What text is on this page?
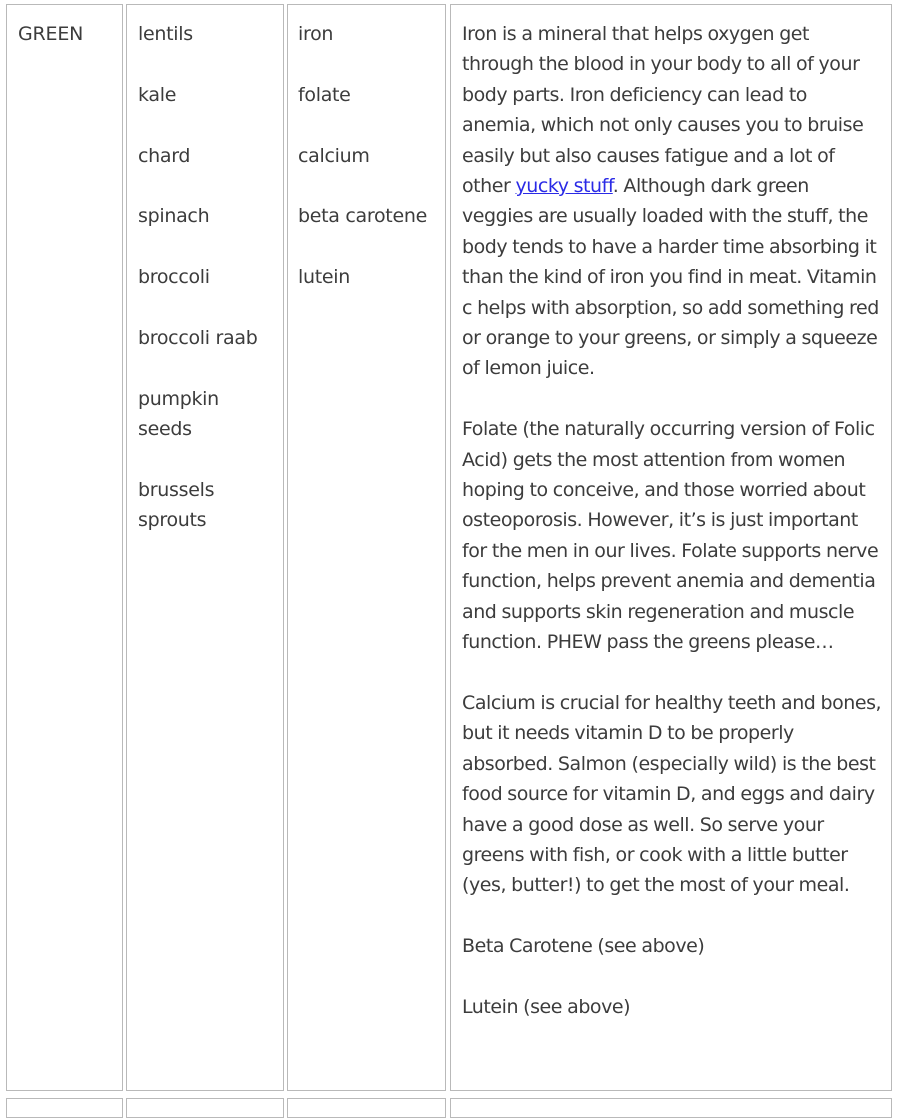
GREEN	lentils
kale
chard
spinach
broccoli
broccoli raab
pumpkin seeds
brussels sprouts
iron
folate
calcium
beta carotene
lutein

Iron is a mineral that helps oxygen get through the blood in your body to all of your body parts. Iron deficiency can lead to anemia, which not only causes you to bruise easily but also causes fatigue and a lot of other yucky stuff. Although dark green veggies are usually loaded with the stuff, the body tends to have a harder time absorbing it than the kind of iron you find in meat. Vitamin c helps with absorption, so add something red or orange to your greens, or simply a squeeze of lemon juice.

Folate (the naturally occurring version of Folic Acid) gets the most attention from women hoping to conceive, and those worried about osteoporosis. However, it’s is just important for the men in our lives. Folate supports nerve function, helps prevent anemia and dementia and supports skin regeneration and muscle function. PHEW pass the greens please…

Calcium is crucial for healthy teeth and bones, but it needs vitamin D to be properly absorbed. Salmon (especially wild) is the best food source for vitamin D, and eggs and dairy have a good dose as well. So serve your greens with fish, or cook with a little butter (yes, butter!) to get the most of your meal.

Beta Carotene (see above)

Lutein (see above)
